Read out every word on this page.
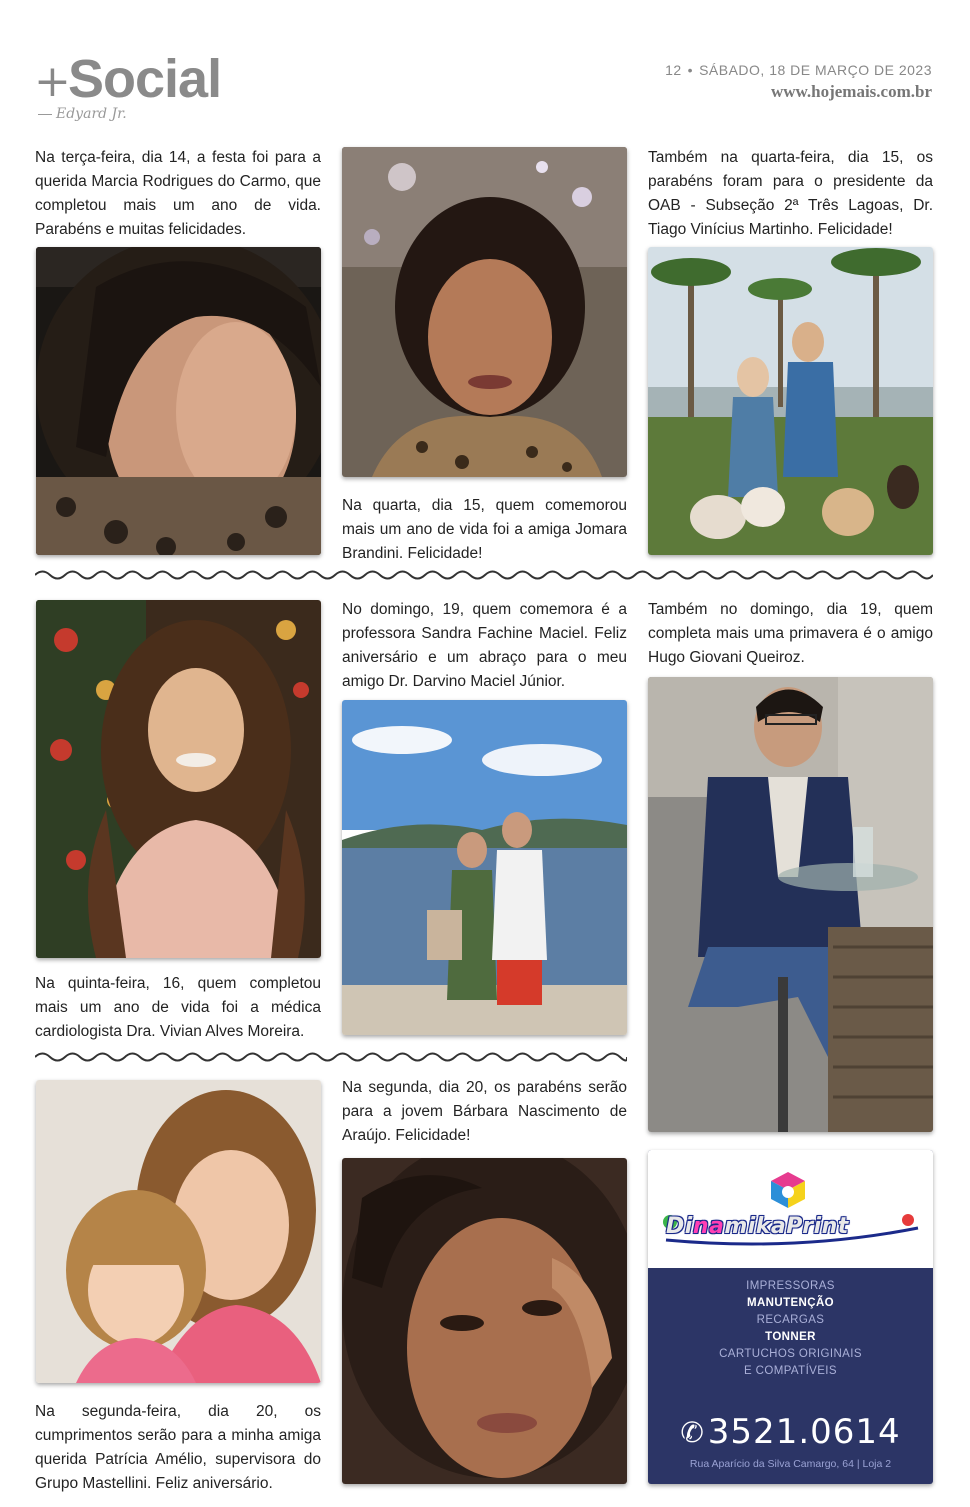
+
Social
Edyard Jr.
12 • SÁBADO, 18 DE MARÇO DE 2023
www.hojemais.com.br
Na terça-feira, dia 14, a festa foi para a querida Marcia Rodrigues do Carmo, que completou mais um ano de vida. Parabéns e muitas felicidades.
Na quarta, dia 15, quem comemorou mais um ano de vida foi a amiga Jomara Brandini. Felicidade!
Também na quarta-feira, dia 15, os parabéns foram para o presidente da OAB - Subseção 2ª Três Lagoas, Dr. Tiago Vinícius Martinho. Felicidade!
Na quinta-feira, 16, quem completou mais um ano de vida foi a médica cardiologista Dra. Vivian Alves Moreira.
No domingo, 19, quem comemora é a professora Sandra Fachine Maciel. Feliz aniversário e um abraço para o meu amigo Dr. Darvino Maciel Júnior.
Também no domingo, dia 19, quem completa mais uma primavera é o amigo Hugo Giovani Queiroz.
Na segunda-feira, dia 20, os cumprimentos serão para a minha amiga querida Patrícia Amélio, supervisora do Grupo Mastellini. Feliz aniversário.
Na segunda, dia 20, os parabéns serão para a jovem Bárbara Nascimento de Araújo. Felicidade!
DinamikaPrint
IMPRESSORAS
MANUTENÇÃO
RECARGAS
TONNER
CARTUCHOS ORIGINAIS
E COMPATÍVEIS
✆ 3521.0614
Rua Aparício da Silva Camargo, 64 | Loja 2
